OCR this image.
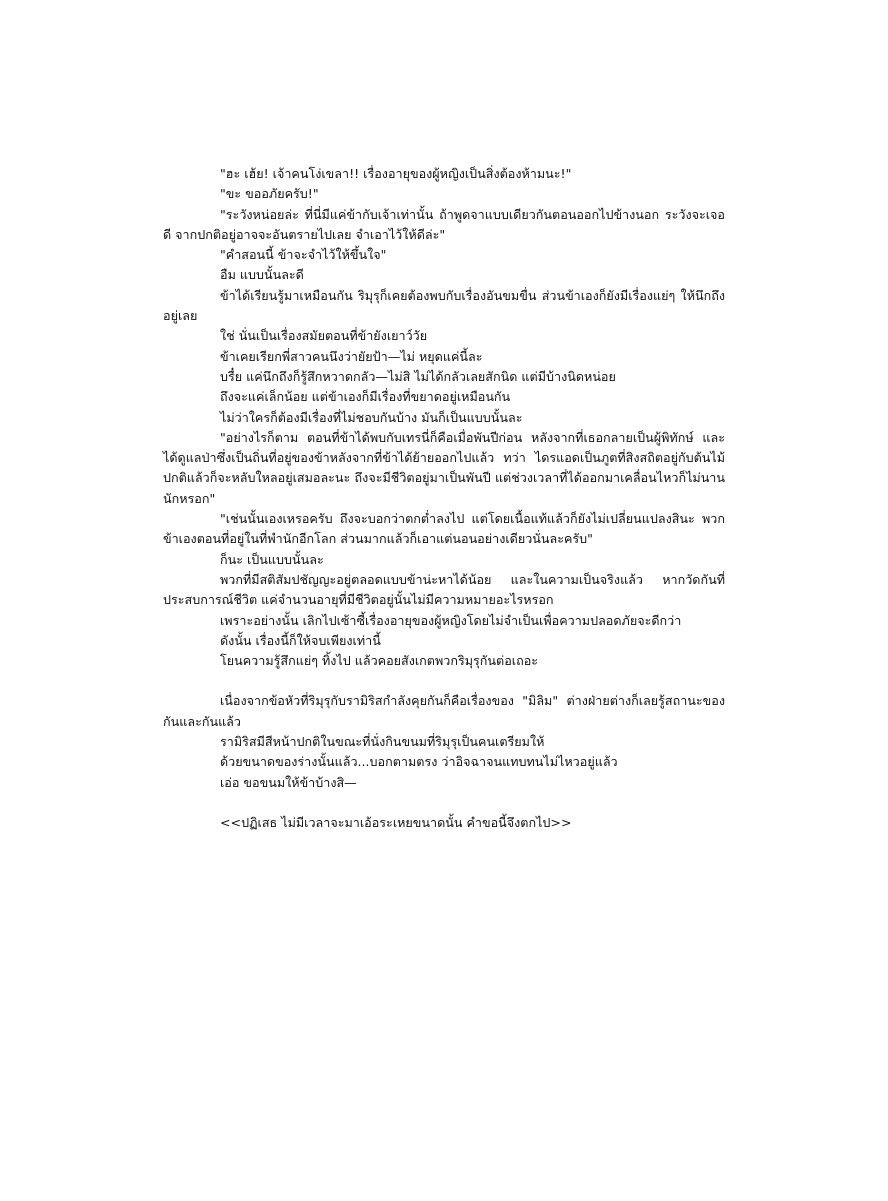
"ฮะ เฮ้ย! เจ้าคนโง่เขลา!! เรื่องอายุของผู้หญิงเป็นสิ่งต้องห้ามนะ!"

"ขะ ขออภัยครับ!"

"ระวังหน่อยล่ะ ที่นี่มีแค่ข้ากับเจ้าเท่านั้น ถ้าพูดจาแบบเดียวกันตอนออกไปข้างนอก ระวังจะเจอดี จากปกติอยู่อาจจะอันตรายไปเลย จำเอาไว้ให้ดีล่ะ"

"คำสอนนี้ ข้าจะจำไว้ให้ขึ้นใจ"

อืม แบบนั้นละดี

ข้าได้เรียนรู้มาเหมือนกัน ริมุรุก็เคยต้องพบกับเรื่องอันขมขื่น ส่วนข้าเองก็ยังมีเรื่องแย่ๆ ให้นึกถึงอยู่เลย

ใช่ นั่นเป็นเรื่องสมัยตอนที่ข้ายังเยาว์วัย

ข้าเคยเรียกพี่สาวคนนึงว่ายัยป้า—ไม่ หยุดแค่นี้ละ

บรื๋ย แค่นึกถึงก็รู้สึกหวาดกลัว—ไม่สิ ไม่ได้กลัวเลยสักนิด แต่มีบ้างนิดหน่อย

ถึงจะแค่เล็กน้อย แต่ข้าเองก็มีเรื่องที่ขยาดอยู่เหมือนกัน

ไม่ว่าใครก็ต้องมีเรื่องที่ไม่ชอบกันบ้าง มันก็เป็นแบบนั้นละ

"อย่างไรก็ตาม ตอนที่ข้าได้พบกับเทรนี่ก็คือเมื่อพันปีก่อน หลังจากที่เธอกลายเป็นผู้พิทักษ์ และได้ดูแลป่าซึ่งเป็นถิ่นที่อยู่ของข้าหลังจากที่ข้าได้ย้ายออกไปแล้ว ทว่า ไดรแอดเป็นภูตที่สิงสถิตอยู่กับต้นไม้ ปกติแล้วก็จะหลับใหลอยู่เสมอละนะ ถึงจะมีชีวิตอยู่มาเป็นพันปี แต่ช่วงเวลาที่ได้ออกมาเคลื่อนไหวก็ไม่นานนักหรอก"

"เช่นนั้นเองเหรอครับ ถึงจะบอกว่าตกต่ำลงไป แต่โดยเนื้อแท้แล้วก็ยังไม่เปลี่ยนแปลงสินะ พวกข้าเองตอนที่อยู่ในที่พำนักอีกโลก ส่วนมากแล้วก็เอาแต่นอนอย่างเดียวนั่นละครับ"

ก็นะ เป็นแบบนั้นละ

พวกที่มีสติสัมปชัญญะอยู่ตลอดแบบข้าน่ะหาได้น้อย และในความเป็นจริงแล้ว หากวัดกันที่ประสบการณ์ชีวิต แค่จำนวนอายุที่มีชีวิตอยู่นั้นไม่มีความหมายอะไรหรอก

เพราะอย่างนั้น เลิกไปเซ้าซี้เรื่องอายุของผู้หญิงโดยไม่จำเป็นเพื่อความปลอดภัยจะดีกว่า

ดังนั้น เรื่องนี้ก็ให้จบเพียงเท่านี้

โยนความรู้สึกแย่ๆ ทิ้งไป แล้วคอยสังเกตพวกริมุรุกันต่อเถอะ

เนื่องจากข้อหัวที่ริมุรุกับรามิริสกำลังคุยกันก็คือเรื่องของ "มิลิม" ต่างฝ่ายต่างก็เลยรู้สถานะของกันและกันแล้ว

รามิริสมีสีหน้าปกติในขณะที่นั่งกินขนมที่ริมุรุเป็นคนเตรียมให้

ด้วยขนาดของร่างนั้นแล้ว...บอกตามตรง ว่าอิจฉาจนแทบทนไม่ไหวอยู่แล้ว

เอ่อ ขอขนมให้ข้าบ้างสิ—

<<ปฏิเสธ ไม่มีเวลาจะมาเอ้อระเหยขนาดนั้น คำขอนี้จึงตกไป>>
